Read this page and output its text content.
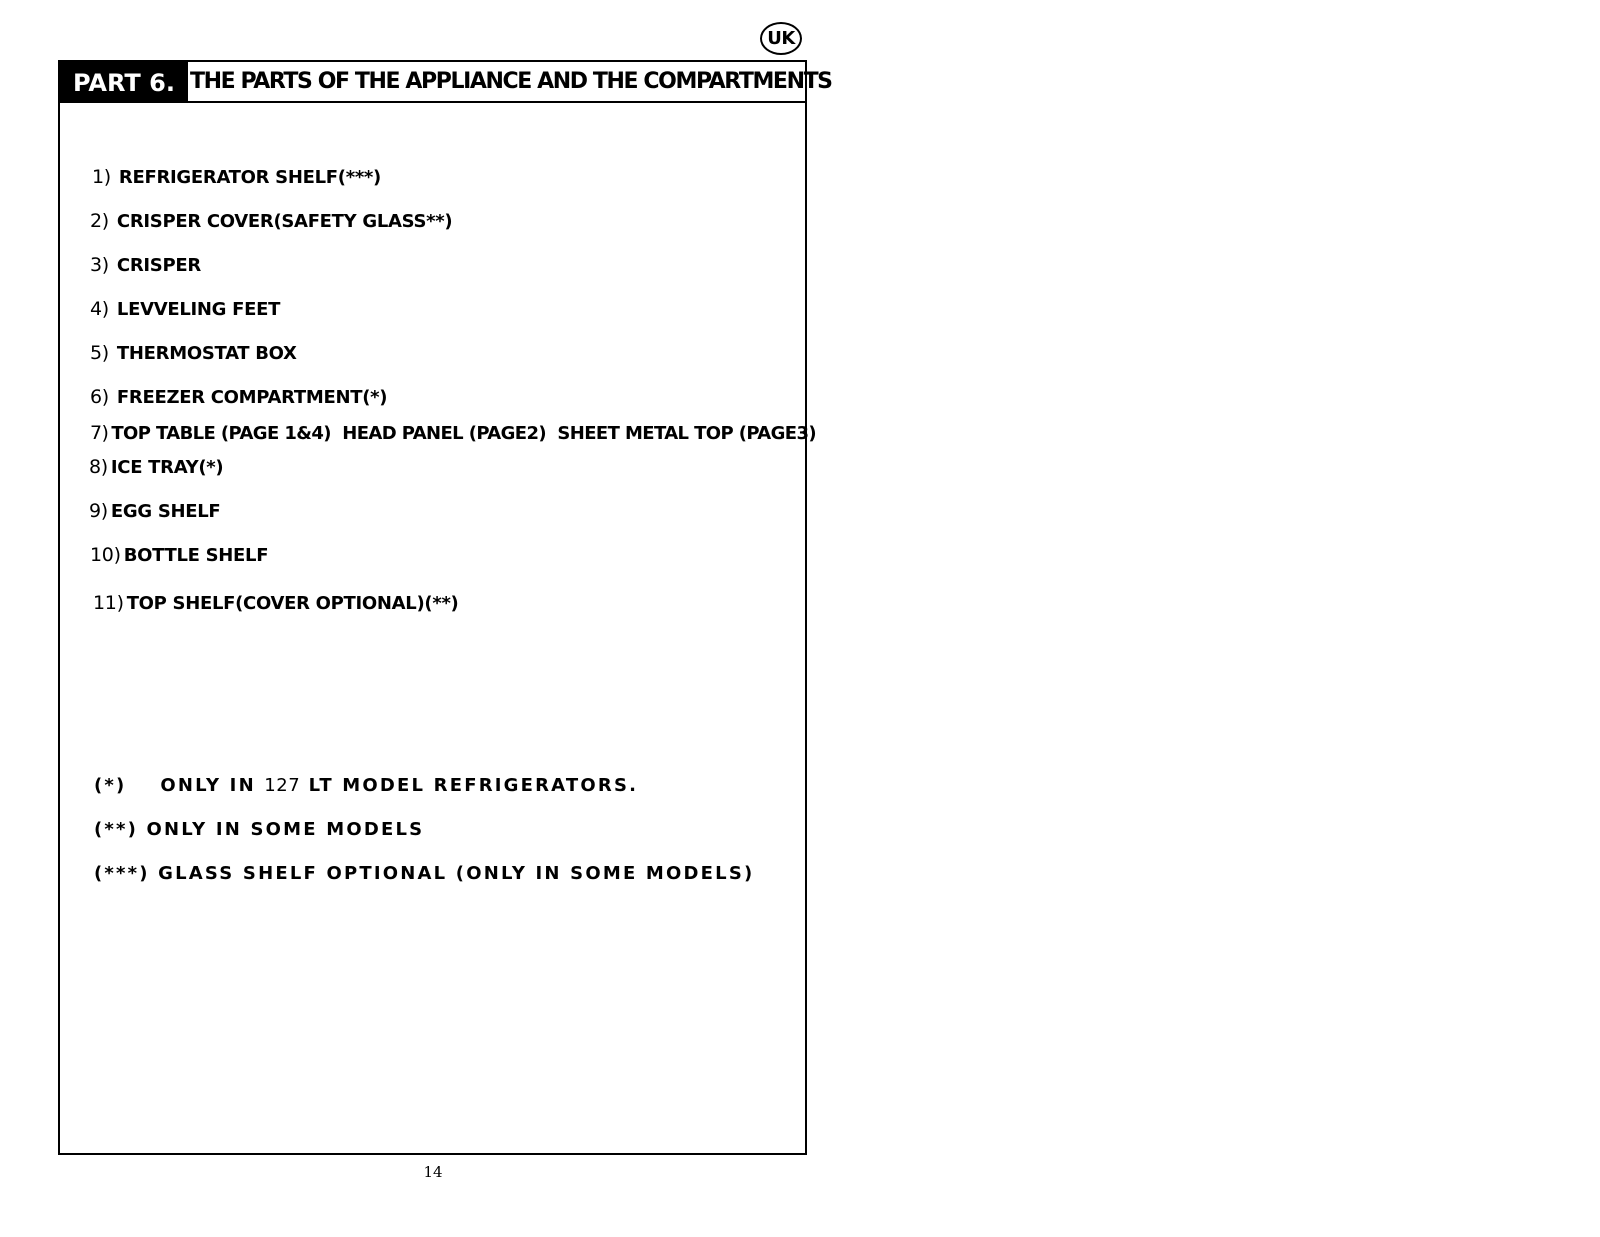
UK
PART 6. THE PARTS OF THE APPLIANCE AND THE COMPARTMENTS
1) REFRIGERATOR SHELF(***)
2) CRISPER COVER(SAFETY GLASS**)
3) CRISPER
4) LEVVELING FEET
5) THERMOSTAT BOX
6) FREEZER COMPARTMENT(*)
7) TOP TABLE (PAGE 1&4)  HEAD PANEL (PAGE2)  SHEET METAL TOP (PAGE3)
8) ICE TRAY(*)
9) EGG SHELF
10) BOTTLE SHELF
11) TOP SHELF(COVER OPTIONAL)(**)
(*)    ONLY IN 127 LT MODEL REFRIGERATORS.
(**) ONLY IN SOME MODELS
(***) GLASS SHELF OPTIONAL (ONLY IN SOME MODELS)
14
